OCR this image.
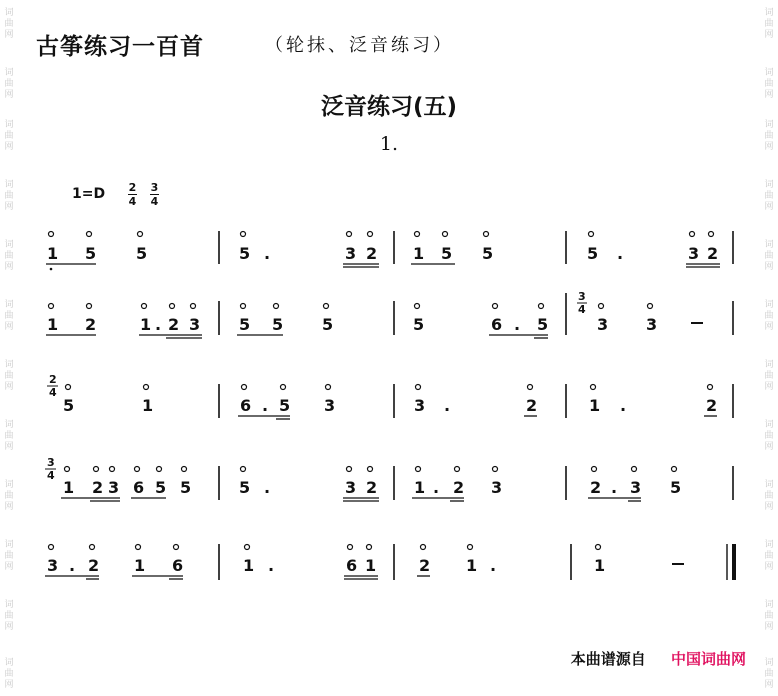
词
曲
网
词
曲
网
词
曲
网
词
曲
网
词
曲
网
词
曲
网
词
曲
网
词
曲
网
词
曲
网
词
曲
网
词
曲
网
词
曲
网
词
曲
网
词
曲
网
词
曲
网
词
曲
网
词
曲
网
词
曲
网
词
曲
网
词
曲
网
词
曲
网
词
曲
网
词
曲
网
词
曲
网
古筝练习一百首	（轮抹、泛音练习）
泛音练习(五)
1.
1=D 2
4
3
4
1 5 5	5 .	3 2 1 5 5	5 .	3 2
1 2	1 . 2 3 5 5 5	5	6 . 5
3
4
3 3
2
4
5	1	6 . 5 3	3 .	2	1 .	2
3
4
1 2 3 6 5 5	5 .	3 2 1 . 2 3	2 . 3 5
3 . 2 1 6	1 .	6 1	2 1 .	1
本曲谱源自 中国词曲网
